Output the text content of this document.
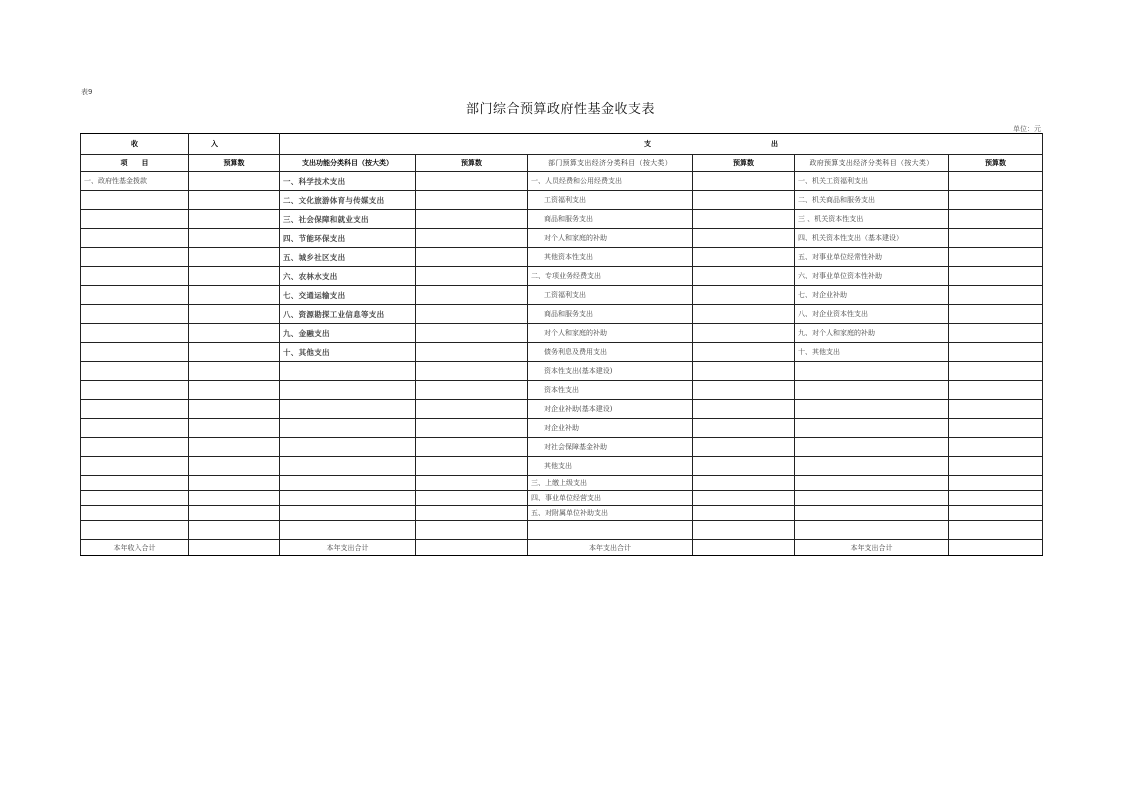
表9
部门综合预算政府性基金收支表
单位：元
收	入	支 出					
项　　目	预算数	支出功能分类科目（按大类）	预算数	部门预算支出经济分类科目（按大类）	预算数	政府预算支出经济分类科目（按大类）	预算数
一、政府性基金拨款		一、科学技术支出		一、人员经费和公用经费支出		一、机关工资福利支出	
		二、文化旅游体育与传媒支出		工资福利支出		二、机关商品和服务支出	
		三、社会保障和就业支出		商品和服务支出		三 、机关资本性支出	
		四、节能环保支出		对个人和家庭的补助		四、机关资本性支出（基本建设）	
		五、城乡社区支出		其他资本性支出		五、对事业单位经常性补助	
		六、农林水支出		二、专项业务经费支出		六、对事业单位资本性补助	
		七、交通运输支出		工资福利支出		七、对企业补助	
		八、资源勘探工业信息等支出		商品和服务支出		八、对企业资本性支出	
		九、金融支出		对个人和家庭的补助		九、对个人和家庭的补助	
		十、其他支出		债务利息及费用支出		十、其他支出	
				资本性支出(基本建设)			
				资本性支出			
				对企业补助(基本建设)			
				对企业补助			
				对社会保障基金补助			
				其他支出			
				三、上缴上级支出			
				四、事业单位经营支出			
				五、对附属单位补助支出			

本年收入合计		本年支出合计		本年支出合计		本年支出合计	
